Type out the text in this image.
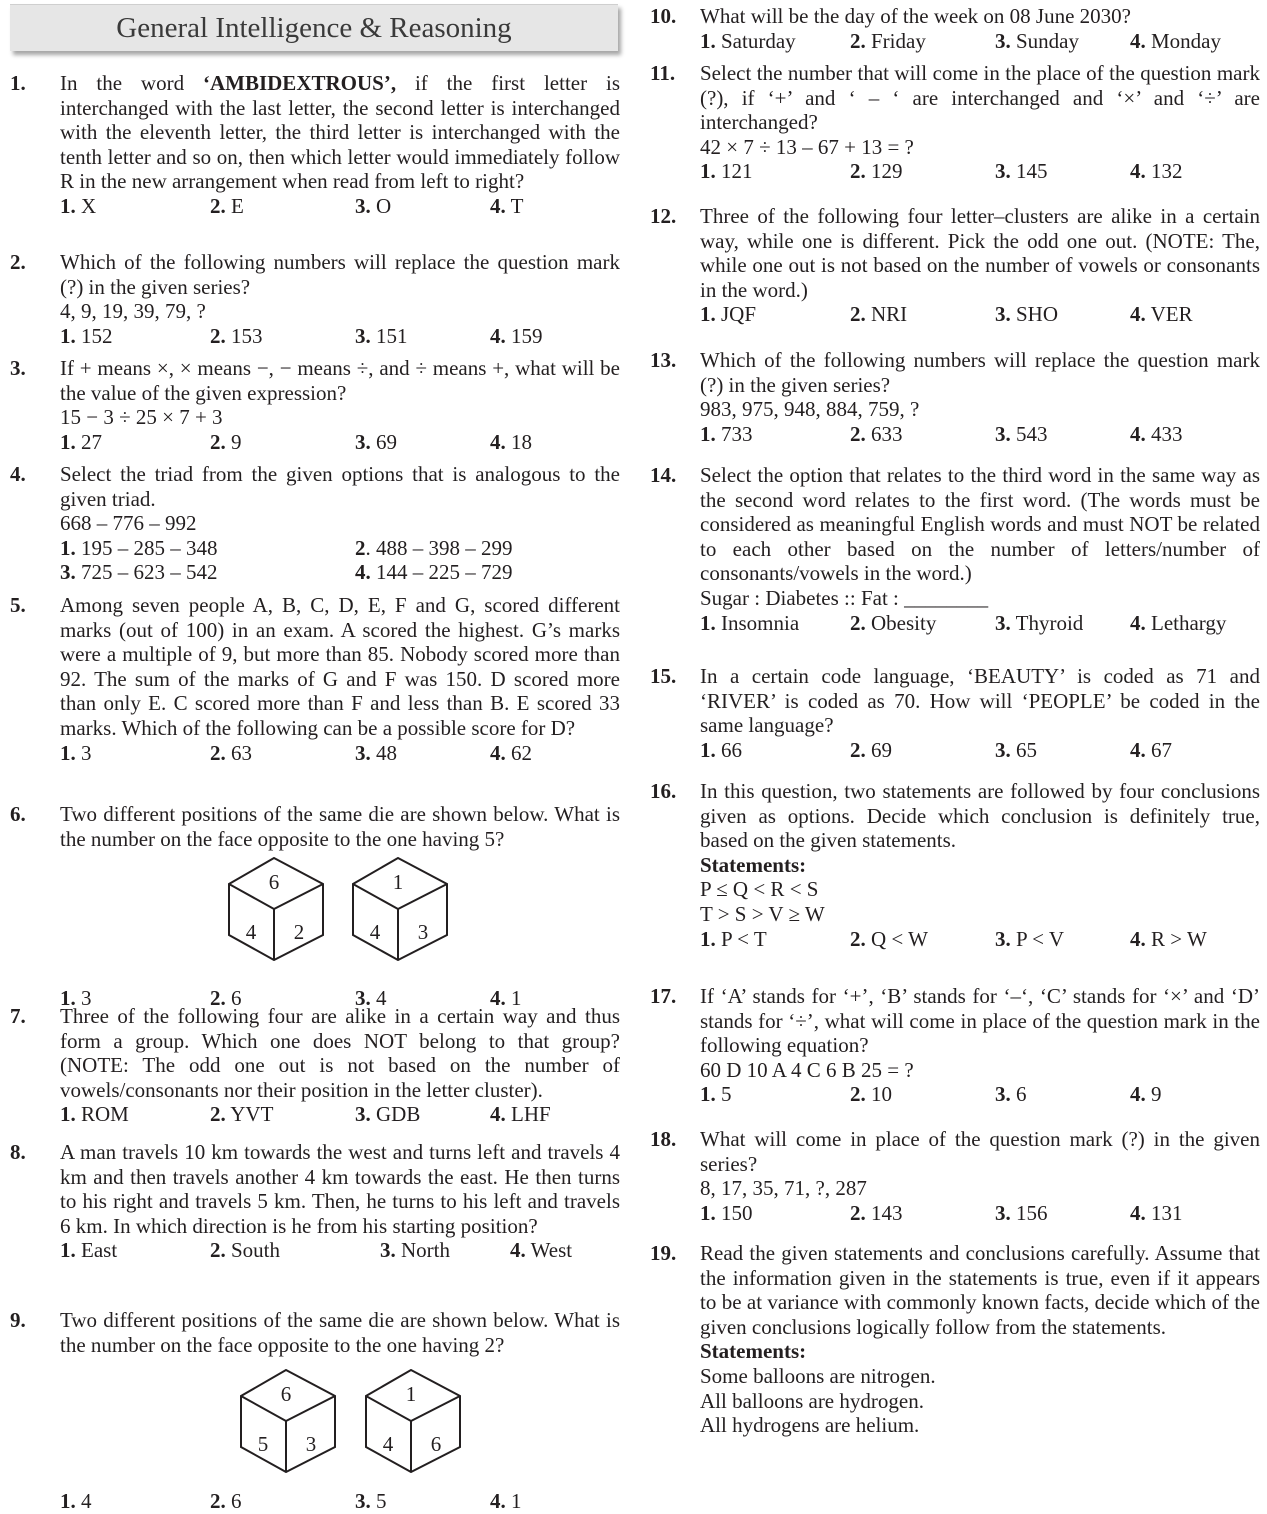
General Intelligence & Reasoning
1. In the word ‘AMBIDEXTROUS’, if the first letter is interchanged with the last letter, the second letter is interchanged with the eleventh letter, the third letter is interchanged with the tenth letter and so on, then which letter would immediately follow R in the new arrangement when read from left to right?
1. X	2. E	3. O	4. T
2. Which of the following numbers will replace the question mark (?) in the given series?
4, 9, 19, 39, 79, ?
1. 152	2. 153	3. 151	4. 159
3. If + means ×, × means −, − means ÷, and ÷ means +, what will be the value of the given expression?
15 − 3 ÷ 25 × 7 + 3
1. 27	2. 9	3. 69	4. 18
4. Select the triad from the given options that is analogous to the given triad.
668 – 776 – 992
1. 195 – 285 – 348	2. 488 – 398 – 299
3. 725 – 623 – 542	4. 144 – 225 – 729
5. Among seven people A, B, C, D, E, F and G, scored different marks (out of 100) in an exam. A scored the highest. G’s marks were a multiple of 9, but more than 85. Nobody scored more than 92. The sum of the marks of G and F was 150. D scored more than only E. C scored more than F and less than B. E scored 33 marks. Which of the following can be a possible score for D?
1. 3	2. 63	3. 48	4. 62
6. Two different positions of the same die are shown below. What is the number on the face opposite to the one having 5?
6
4 2
1
4 3
1. 3	2. 6	3. 4	4. 1
7. Three of the following four are alike in a certain way and thus form a group. Which one does NOT belong to that group? (NOTE: The odd one out is not based on the number of vowels/consonants nor their position in the letter cluster).
1. ROM	2. YVT	3. GDB	4. LHF
8. A man travels 10 km towards the west and turns left and travels 4 km and then travels another 4 km towards the east. He then turns to his right and travels 5 km. Then, he turns to his left and travels 6 km. In which direction is he from his starting position?
1. East	2. South	3. North	4. West
9. Two different positions of the same die are shown below. What is the number on the face opposite to the one having 2?
6
5 3
1
4 6
1. 4	2. 6	3. 5	4. 1
10. What will be the day of the week on 08 June 2030?
1. Saturday	2. Friday	3. Sunday 4. Monday
11. Select the number that will come in the place of the question mark (?), if ‘+’ and ‘ – ‘ are interchanged and ‘×’ and ‘÷’ are interchanged?
42 × 7 ÷ 13 – 67 + 13 = ?
1. 121	2. 129	3. 145	4. 132
12. Three of the following four letter–clusters are alike in a certain way, while one is different. Pick the odd one out. (NOTE: The, while one out is not based on the number of vowels or consonants in the word.)
1. JQF	2. NRI	3. SHO	4. VER
13. Which of the following numbers will replace the question mark (?) in the given series?
983, 975, 948, 884, 759, ?
1. 733	2. 633	3. 543	4. 433
14. Select the option that relates to the third word in the same way as the second word relates to the first word. (The words must be considered as meaningful English words and must NOT be related to each other based on the number of letters/number of consonants/vowels in the word.)
Sugar : Diabetes :: Fat : ________
1. Insomnia 2. Obesity	3. Thyroid 4. Lethargy
15. In a certain code language, ‘BEAUTY’ is coded as 71 and ‘RIVER’ is coded as 70. How will ‘PEOPLE’ be coded in the same language?
1. 66	2. 69	3. 65	4. 67
16. In this question, two statements are followed by four conclusions given as options. Decide which conclusion is definitely true, based on the given statements.
Statements:
P ≤ Q < R < S
T > S > V ≥ W
1. P < T	2. Q < W	3. P < V	4. R > W
17. If ‘A’ stands for ‘+’, ‘B’ stands for ‘–‘, ‘C’ stands for ‘×’ and ‘D’ stands for ‘÷’, what will come in place of the question mark in the following equation?
60 D 10 A 4 C 6 B 25 = ?
1. 5	2. 10	3. 6	4. 9
18. What will come in place of the question mark (?) in the given series?
8, 17, 35, 71, ?, 287
1. 150	2. 143	3. 156	4. 131
19. Read the given statements and conclusions carefully. Assume that the information given in the statements is true, even if it appears to be at variance with commonly known facts, decide which of the given conclusions logically follow from the statements.
Statements:
Some balloons are nitrogen.
All balloons are hydrogen.
All hydrogens are helium.
